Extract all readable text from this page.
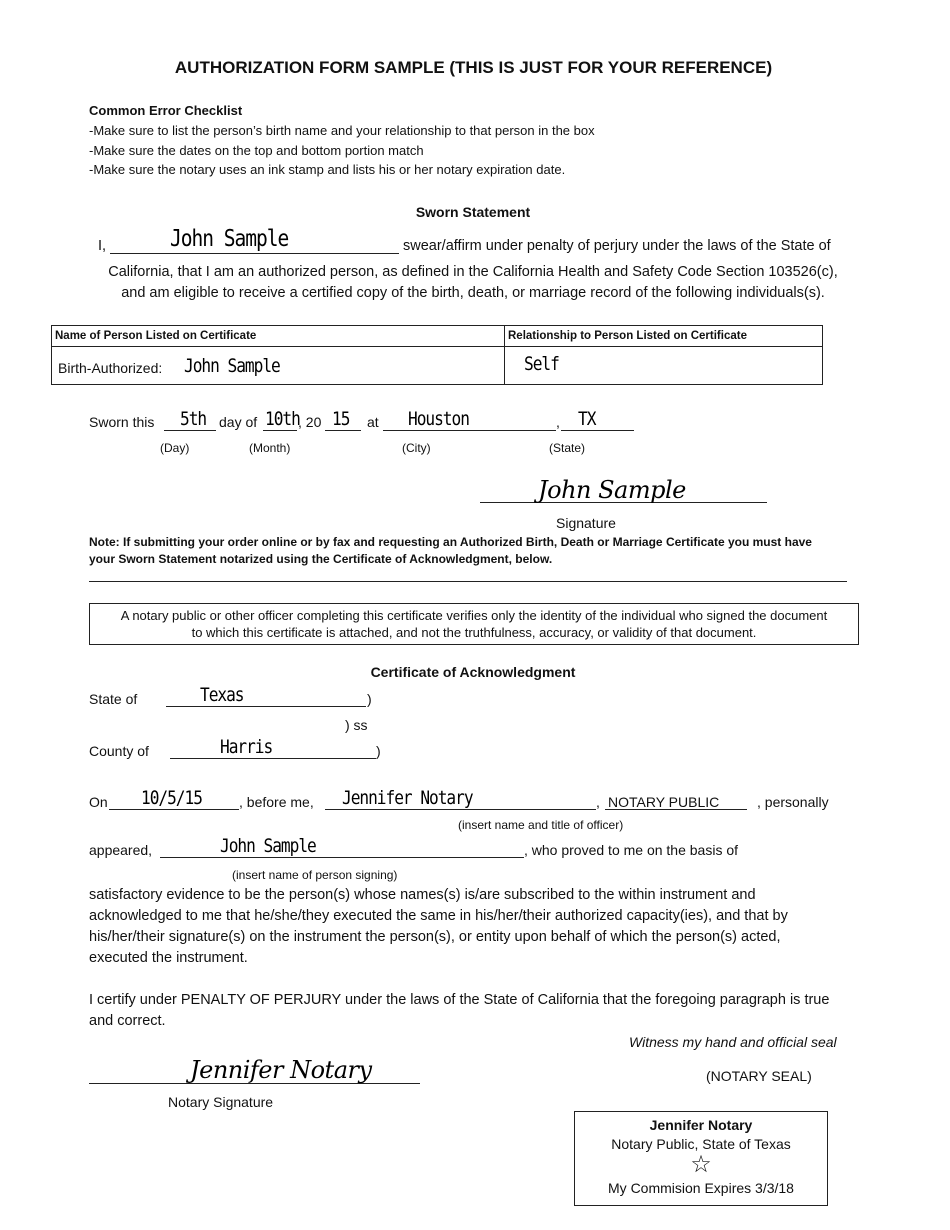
AUTHORIZATION FORM SAMPLE (THIS IS JUST FOR YOUR REFERENCE)
Common Error Checklist
-Make sure to list the person’s birth name and your relationship to that person in the box
-Make sure the dates on the top and bottom portion match
-Make sure the notary uses an ink stamp and lists his or her notary expiration date.
Sworn Statement
I,	John Sample	swear/affirm under penalty of perjury under the laws of the State of
California, that I am an authorized person, as defined in the California Health and Safety Code Section 103526(c),
and am eligible to receive a certified copy of the birth, death, or marriage record of the following individuals(s).
Name of Person Listed on Certificate	Relationship to Person Listed on Certificate
Birth-Authorized: John Sample	Self
Sworn this 5th day of 10th
, 20 15 at Houston	, TX
(Day)	(Month)	(City)	(State)
John Sample
Signature
Note: If submitting your order online or by fax and requesting an Authorized Birth, Death or Marriage Certificate you must have
your Sworn Statement notarized using the Certificate of Acknowledgment, below.
A notary public or other officer completing this certificate verifies only the identity of the individual who signed the document
to which this certificate is attached, and not the truthfulness, accuracy, or validity of that document.
Certificate of Acknowledgment
State of	Texas	)
) ss
County of	Harris	)
On 10/5/15	, before me, Jennifer Notary	, NOTARY PUBLIC	, personally
(insert name and title of officer)
appeared,	John Sample	, who proved to me on the basis of
(insert name of person signing)
satisfactory evidence to be the person(s) whose names(s) is/are subscribed to the within instrument and acknowledged to me that he/she/they executed the same in his/her/their authorized capacity(ies), and that by his/her/their signature(s) on the instrument the person(s), or entity upon behalf of which the person(s) acted, executed the instrument.
I certify under PENALTY OF PERJURY under the laws of the State of California that the foregoing paragraph is true and correct.
Witness my hand and official seal
Jennifer Notary
Notary Signature
(NOTARY SEAL)
Jennifer Notary
Notary Public, State of Texas
☆
My Commision Expires 3/3/18
